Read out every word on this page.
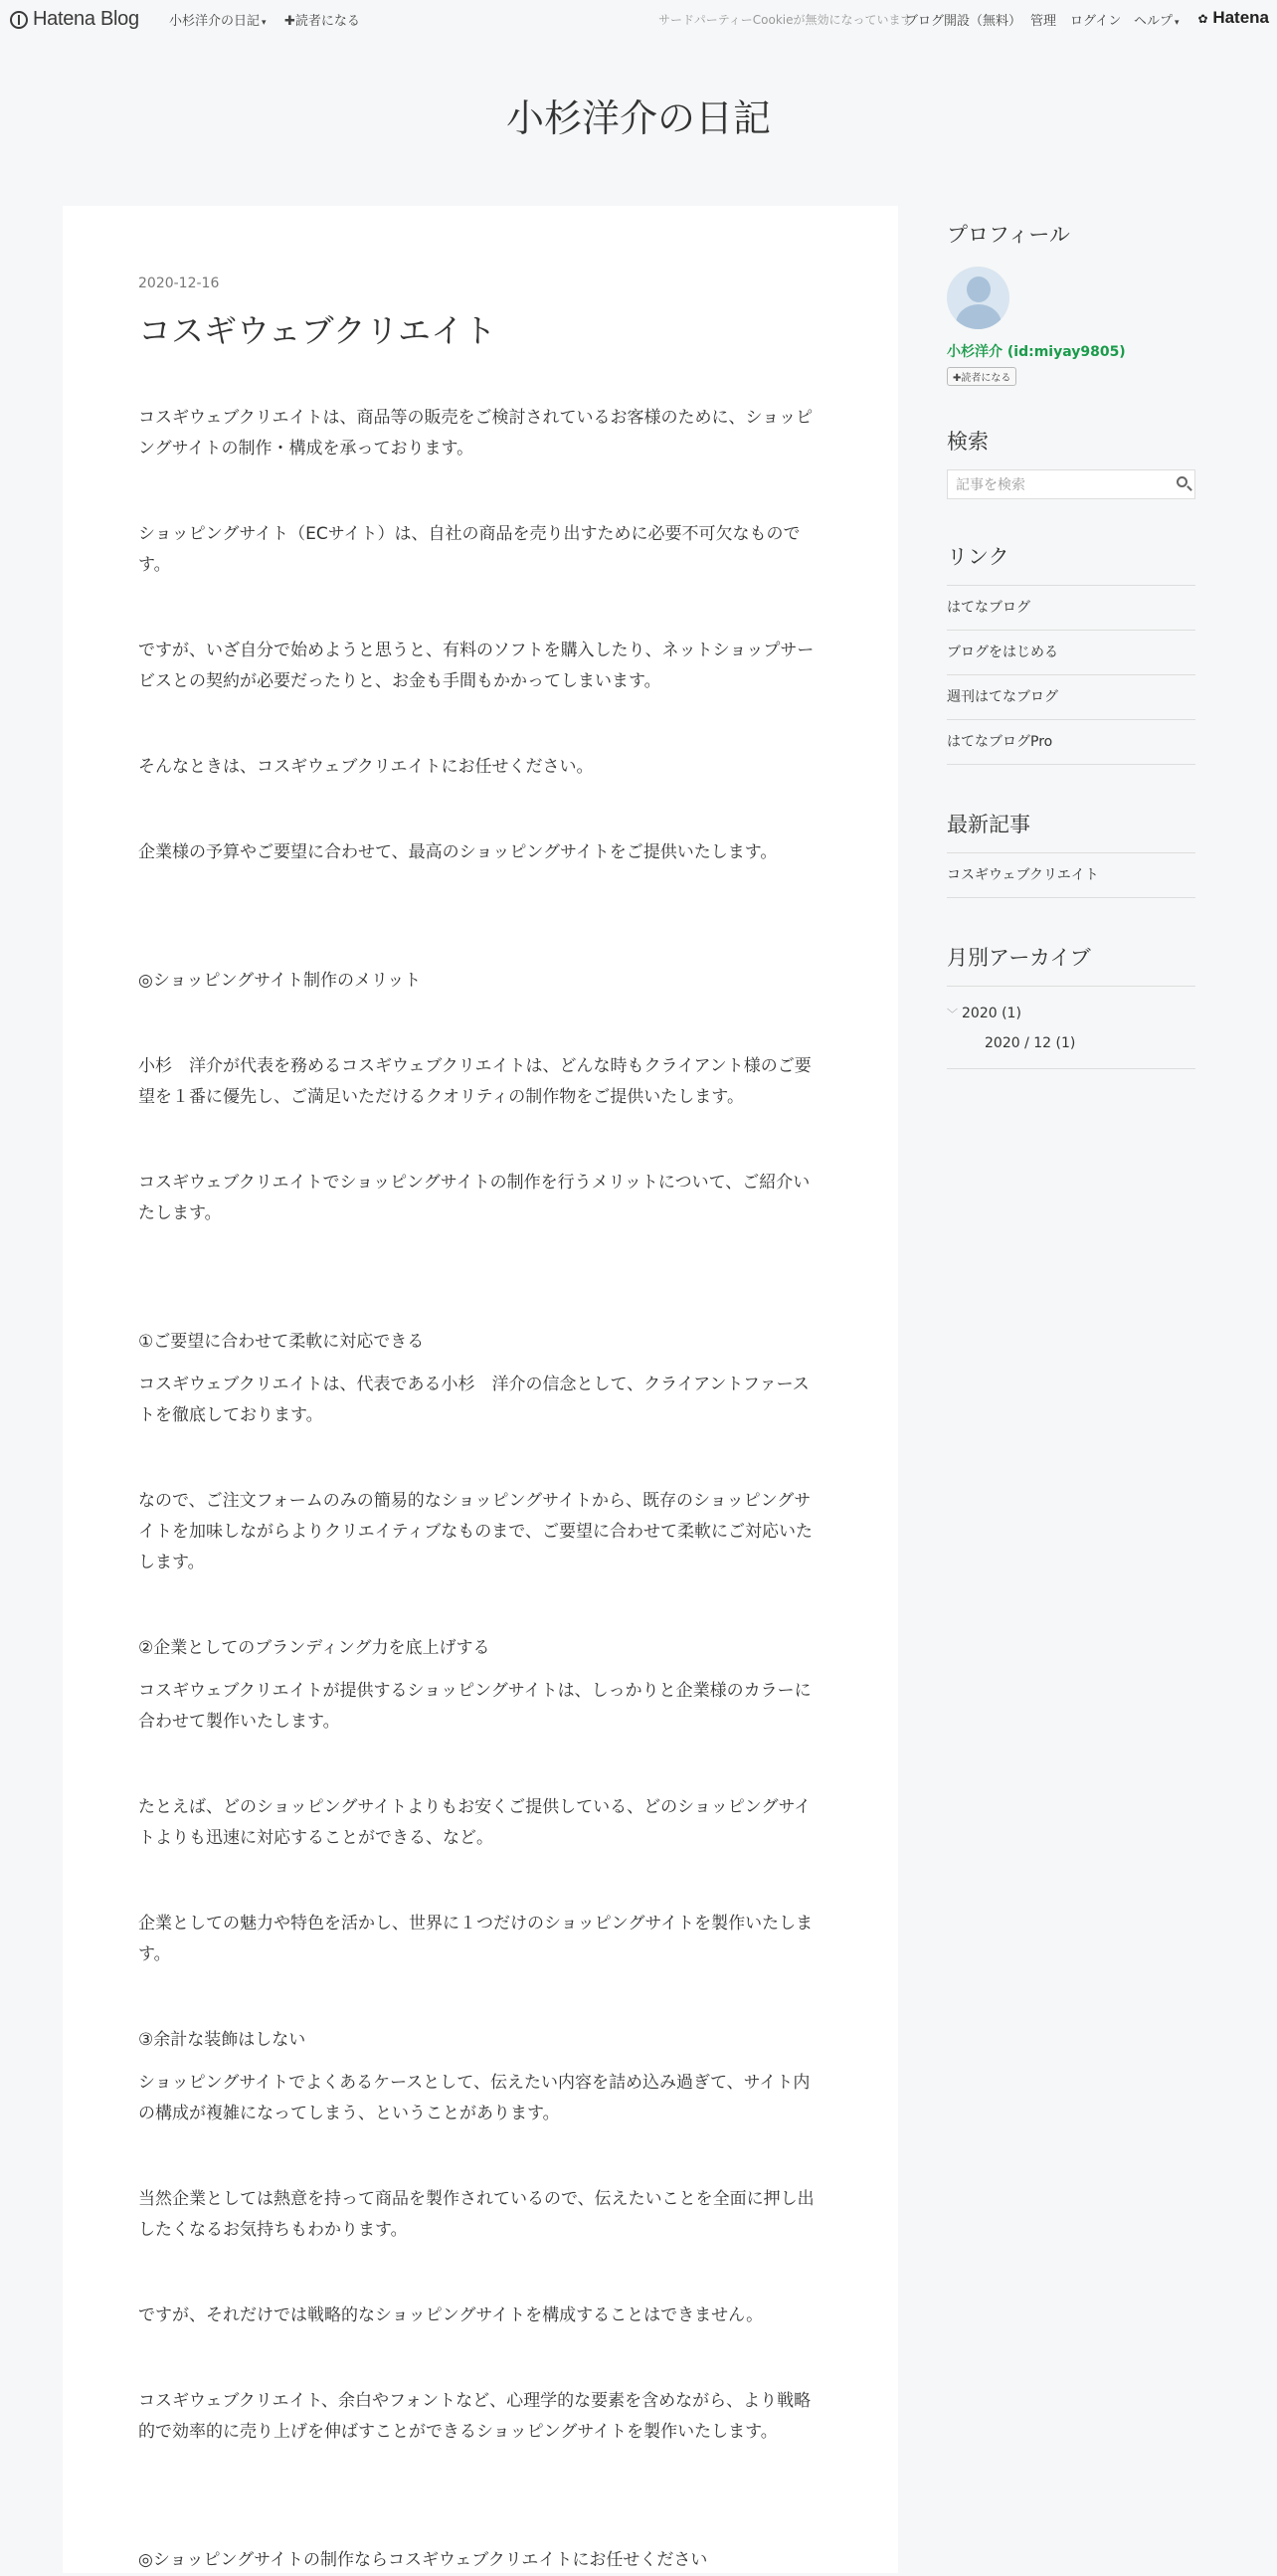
Hatena Blog 小杉洋介の日記 ▾ ✚読者になる	サードパーティーCookieが無効になっています
ブログ開設（無料） 管理 ログイン ヘルプ ▾ ✿ Hatena
小杉洋介の日記
2020-12-16
コスギウェブクリエイト

コスギウェブクリエイトは、商品等の販売をご検討されているお客様のために、ショッピングサイトの制作・構成を承っております。

ショッピングサイト（ECサイト）は、自社の商品を売り出すために必要不可欠なものです。

ですが、いざ自分で始めようと思うと、有料のソフトを購入したり、ネットショップサービスとの契約が必要だったりと、お金も手間もかかってしまいます。

そんなときは、コスギウェブクリエイトにお任せください。

企業様の予算やご要望に合わせて、最高のショッピングサイトをご提供いたします。

◎ショッピングサイト制作のメリット

小杉　洋介が代表を務めるコスギウェブクリエイトは、どんな時もクライアント様のご要望を１番に優先し、ご満足いただけるクオリティの制作物をご提供いたします。

コスギウェブクリエイトでショッピングサイトの制作を行うメリットについて、ご紹介いたします。

①ご要望に合わせて柔軟に対応できる

コスギウェブクリエイトは、代表である小杉　洋介の信念として、クライアントファーストを徹底しております。

なので、ご注文フォームのみの簡易的なショッピングサイトから、既存のショッピングサイトを加味しながらよりクリエイティブなものまで、ご要望に合わせて柔軟にご対応いたします。

②企業としてのブランディング力を底上げする

コスギウェブクリエイトが提供するショッピングサイトは、しっかりと企業様のカラーに合わせて製作いたします。

たとえば、どのショッピングサイトよりもお安くご提供している、どのショッピングサイトよりも迅速に対応することができる、など。

企業としての魅力や特色を活かし、世界に１つだけのショッピングサイトを製作いたします。

③余計な装飾はしない

ショッピングサイトでよくあるケースとして、伝えたい内容を詰め込み過ぎて、サイト内の構成が複雑になってしまう、ということがあります。

当然企業としては熱意を持って商品を製作されているので、伝えたいことを全面に押し出したくなるお気持ちもわかります。

ですが、それだけでは戦略的なショッピングサイトを構成することはできません。

コスギウェブクリエイト、余白やフォントなど、心理学的な要素を含めながら、より戦略的で効率的に売り上げを伸ばすことができるショッピングサイトを製作いたします。

◎ショッピングサイトの制作ならコスギウェブクリエイトにお任せください

プロフィール
小杉洋介 (id:miyay9805)
✚読者になる
検索
記事を検索
リンク
はてなブログ
ブログをはじめる
週刊はてなブログ
はてなブログPro
最新記事
コスギウェブクリエイト
月別アーカイブ
﹀ 2020 (1)
2020 / 12 (1)
